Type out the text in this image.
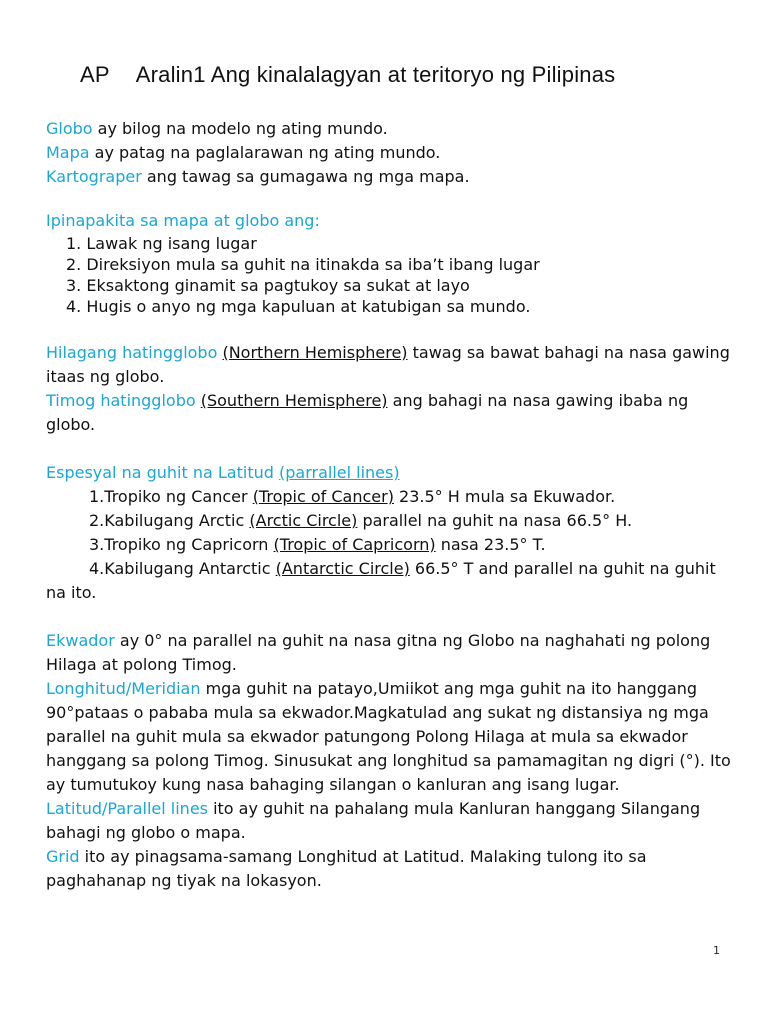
AP Aralin1 Ang kinalalagyan at teritoryo ng Pilipinas

Globo ay bilog na modelo ng ating mundo.

Mapa ay patag na paglalarawan ng ating mundo.

Kartograper ang tawag sa gumagawa ng mga mapa.

Ipinapakita sa mapa at globo ang:

1. Lawak ng isang lugar
2. Direksiyon mula sa guhit na itinakda sa iba’t ibang lugar
3. Eksaktong ginamit sa pagtukoy sa sukat at layo
4. Hugis o anyo ng mga kapuluan at katubigan sa mundo.

Hilagang hatingglobo (Northern Hemisphere) tawag sa bawat bahagi na nasa gawing itaas ng globo.

Timog hatingglobo (Southern Hemisphere) ang bahagi na nasa gawing ibaba ng globo.

Espesyal na guhit na Latitud (parrallel lines)

1.Tropiko ng Cancer (Tropic of Cancer) 23.5° H mula sa Ekuwador.

2.Kabilugang Arctic (Arctic Circle) parallel na guhit na nasa 66.5° H.

3.Tropiko ng Capricorn (Tropic of Capricorn) nasa 23.5° T.

4.Kabilugang Antarctic (Antarctic Circle) 66.5° T and parallel na guhit na guhit na ito.

Ekwador ay 0° na parallel na guhit na nasa gitna ng Globo na naghahati ng polong Hilaga at polong Timog.

Longhitud/Meridian mga guhit na patayo,Umiikot ang mga guhit na ito hanggang 90°pataas o pababa mula sa ekwador.Magkatulad ang sukat ng distansiya ng mga parallel na guhit mula sa ekwador patungong Polong Hilaga at mula sa ekwador hanggang sa polong Timog. Sinusukat ang longhitud sa pamamagitan ng digri (°). Ito ay tumutukoy kung nasa bahaging silangan o kanluran ang isang lugar.

Latitud/Parallel lines ito ay guhit na pahalang mula Kanluran hanggang Silangang bahagi ng globo o mapa.

Grid ito ay pinagsama-samang Longhitud at Latitud. Malaking tulong ito sa paghahanap ng tiyak na lokasyon.

1
